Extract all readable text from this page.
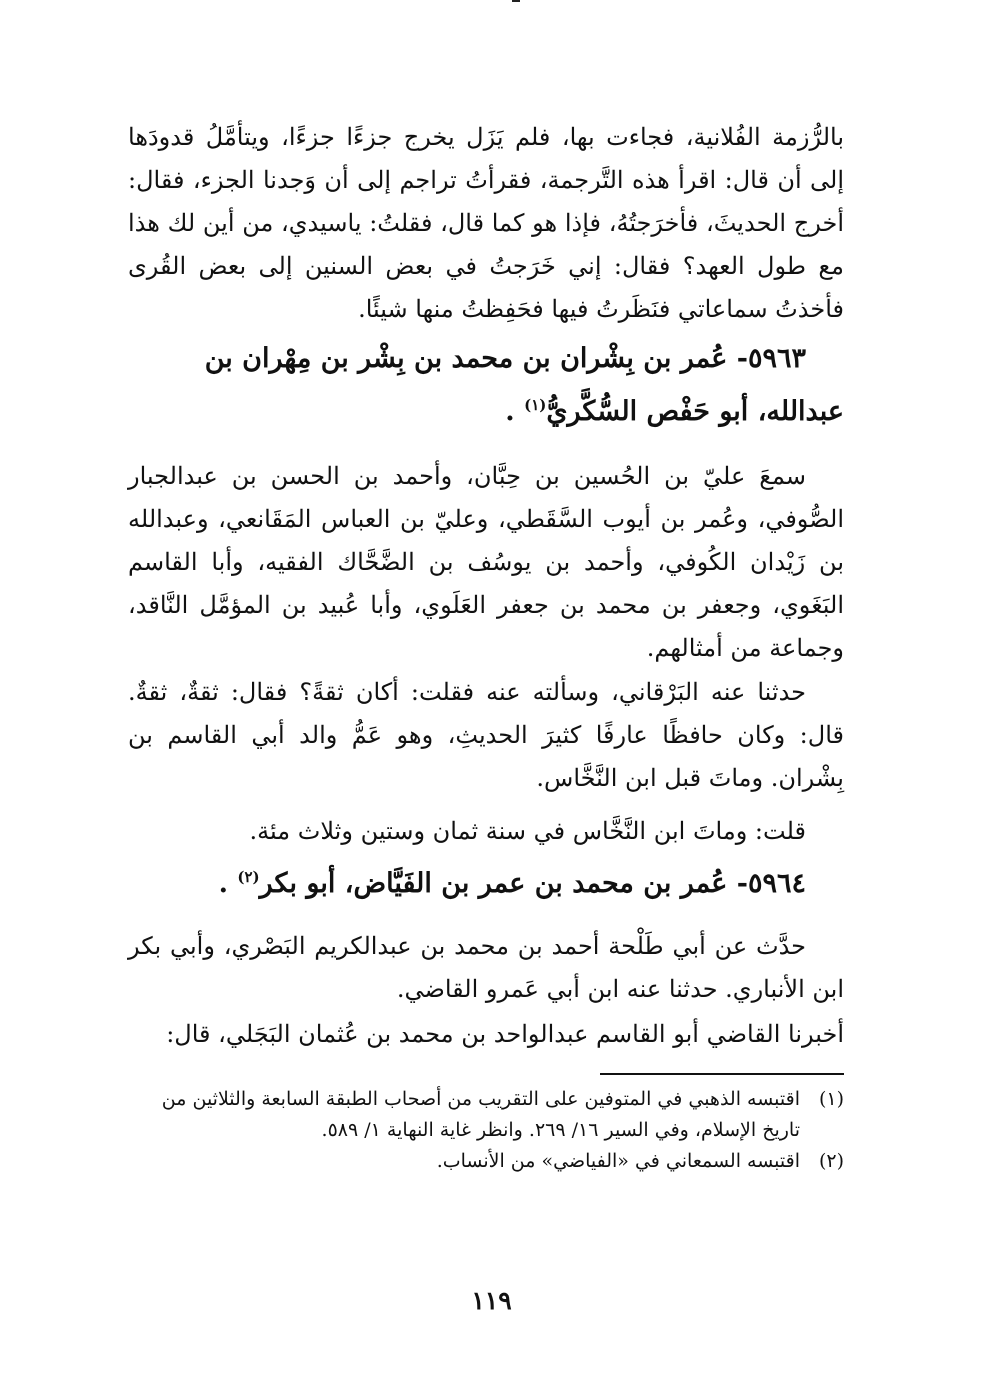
بالرُّزمة الفُلانية، فجاءت بها، فلم يَزَل يخرج جزءًا جزءًا، ويتأمَّلُ قدودَها إلى أن قال: اقرأ هذه التَّرجمة، فقرأتُ تراجم إلى أن وَجدنا الجزء، فقال: أخرج الحديثَ، فأخرَجتُهُ، فإذا هو كما قال، فقلتُ: ياسيدي، من أين لك هذا مع طول العهد؟ فقال: إني خَرَجتُ في بعض السنين إلى بعض القُرى فأخذتُ سماعاتي فنَظَرتُ فيها فحَفِظتُ منها شيئًا.

٥٩٦٣- عُمر بن بِشْران بن محمد بن بِشْر بن مِهْران بن عبدالله، أبو حَفْص السُّكَّريُّ$^{(١)}$ .

سمعَ عليّ بن الحُسين بن حِبَّان، وأحمد بن الحسن بن عبدالجبار الصُّوفي، وعُمر بن أيوب السَّقَطي، وعليّ بن العباس المَقَانعي، وعبدالله بن زَيْدان الكُوفي، وأحمد بن يوسُف بن الضَّحَّاك الفقيه، وأبا القاسم البَغَوي، وجعفر بن محمد بن جعفر العَلَوي، وأبا عُبيد بن المؤمَّل النَّاقد، وجماعة من أمثالهم.

حدثنا عنه البَرْقاني، وسألته عنه فقلت: أكان ثقةً؟ فقال: ثقةٌ، ثقةٌ. قال: وكان حافظًا عارفًا كثيرَ الحديثِ، وهو عَمُّ والد أبي القاسم بن بِشْران. وماتَ قبل ابن النَّخَّاس.

قلت: وماتَ ابن النَّخَّاس في سنة ثمان وستين وثلاث مئة.

٥٩٦٤- عُمر بن محمد بن عمر بن الفَيَّاض، أبو بكر$^{(٢)}$ .

حدَّث عن أبي طَلْحة أحمد بن محمد بن عبدالكريم البَصْري، وأبي بكر ابن الأنباري. حدثنا عنه ابن أبي عَمرو القاضي.

أخبرنا القاضي أبو القاسم عبدالواحد بن محمد بن عُثمان البَجَلي، قال:

(١)
اقتبسه الذهبي في المتوفين على التقريب من أصحاب الطبقة السابعة والثلاثين من تاريخ الإسلام، وفي السير ١٦/ ٢٦٩. وانظر غاية النهاية ١/ ٥٨٩.
(٢)
اقتبسه السمعاني في «الفياضي» من الأنساب.
١١٩
